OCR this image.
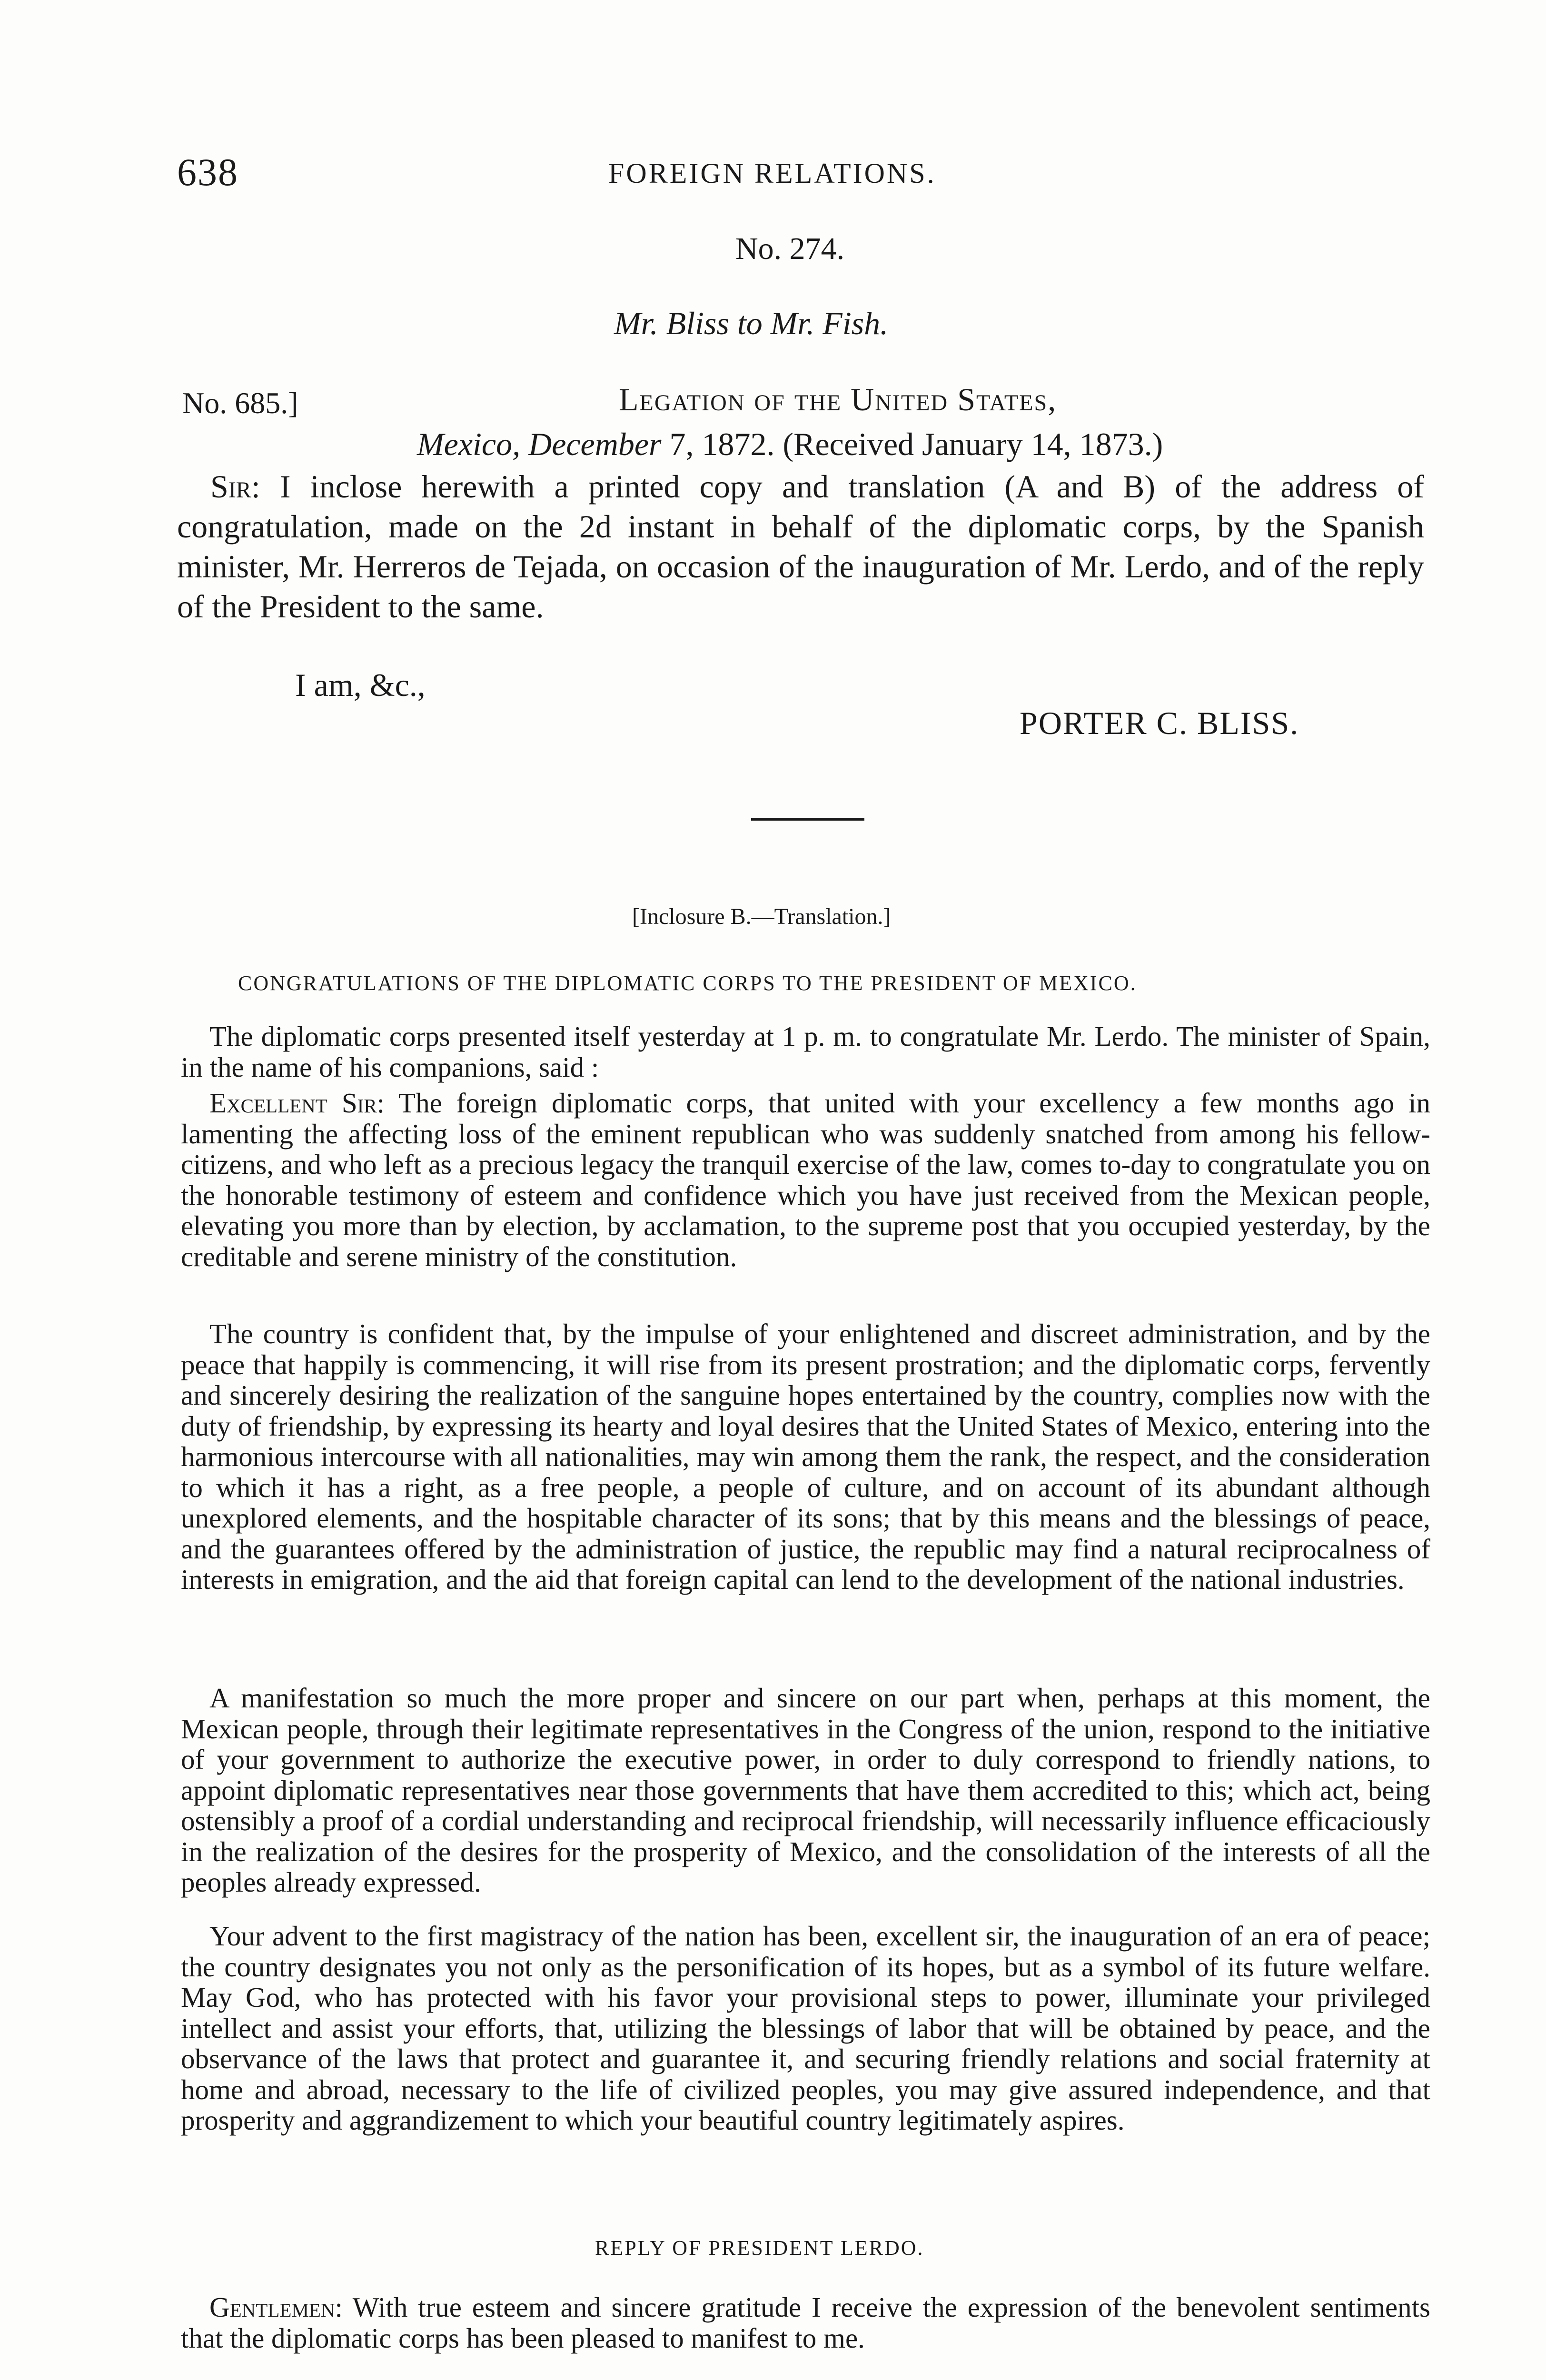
638	FOREIGN RELATIONS.
No. 274.
Mr. Bliss to Mr. Fish.
No. 685.]	Legation of the United States,
Mexico, December 7, 1872. (Received January 14, 1873.)

Sir: I inclose herewith a printed copy and translation (A and B) of the address of congratulation, made on the 2d instant in behalf of the diplomatic corps, by the Spanish minister, Mr. Herreros de Tejada, on occasion of the inauguration of Mr. Lerdo, and of the reply of the President to the same.

I am, &c.,
PORTER C. BLISS.
[Inclosure B.—Translation.]
CONGRATULATIONS OF THE DIPLOMATIC CORPS TO THE PRESIDENT OF MEXICO.

The diplomatic corps presented itself yesterday at 1 p. m. to congratulate Mr. Lerdo. The minister of Spain, in the name of his companions, said :

Excellent Sir: The foreign diplomatic corps, that united with your excellency a few months ago in lamenting the affecting loss of the eminent republican who was suddenly snatched from among his fellow-citizens, and who left as a precious legacy the tranquil exercise of the law, comes to-day to congratulate you on the honorable testimony of esteem and confidence which you have just received from the Mexican people, elevating you more than by election, by acclamation, to the supreme post that you occupied yesterday, by the creditable and serene ministry of the constitution.

The country is confident that, by the impulse of your enlightened and discreet administration, and by the peace that happily is commencing, it will rise from its present prostration; and the diplomatic corps, fervently and sincerely desiring the realization of the sanguine hopes entertained by the country, complies now with the duty of friendship, by expressing its hearty and loyal desires that the United States of Mexico, entering into the harmonious intercourse with all nationalities, may win among them the rank, the respect, and the consideration to which it has a right, as a free people, a people of culture, and on account of its abundant although unexplored elements, and the hospitable character of its sons; that by this means and the blessings of peace, and the guarantees offered by the administration of justice, the republic may find a natural reciprocalness of interests in emigration, and the aid that foreign capital can lend to the development of the national industries.

A manifestation so much the more proper and sincere on our part when, perhaps at this moment, the Mexican people, through their legitimate representatives in the Congress of the union, respond to the initiative of your government to authorize the executive power, in order to duly correspond to friendly nations, to appoint diplomatic representatives near those governments that have them accredited to this; which act, being ostensibly a proof of a cordial understanding and reciprocal friendship, will necessarily influence efficaciously in the realization of the desires for the prosperity of Mexico, and the consolidation of the interests of all the peoples already expressed.

Your advent to the first magistracy of the nation has been, excellent sir, the inauguration of an era of peace; the country designates you not only as the personification of its hopes, but as a symbol of its future welfare. May God, who has protected with his favor your provisional steps to power, illuminate your privileged intellect and assist your efforts, that, utilizing the blessings of labor that will be obtained by peace, and the observance of the laws that protect and guarantee it, and securing friendly relations and social fraternity at home and abroad, necessary to the life of civilized peoples, you may give assured independence, and that prosperity and aggrandizement to which your beautiful country legitimately aspires.

REPLY OF PRESIDENT LERDO.

Gentlemen: With true esteem and sincere gratitude I receive the expression of the benevolent sentiments that the diplomatic corps has been pleased to manifest to me.
